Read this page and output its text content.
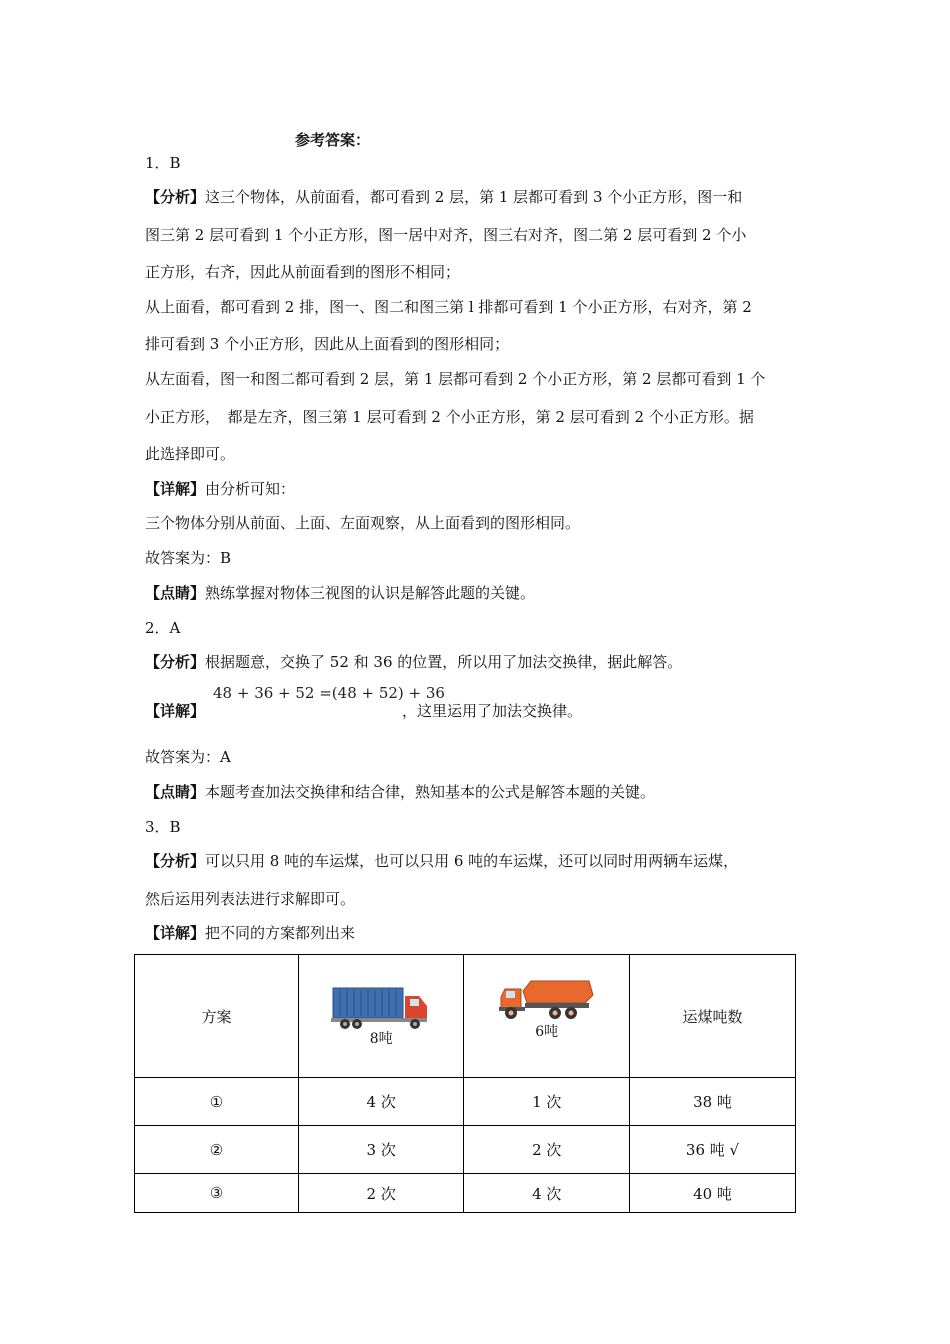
参考答案：
1．B
【分析】这三个物体，从前面看，都可看到 2 层，第 1 层都可看到 3 个小正方形，图一和
图三第 2 层可看到 1 个小正方形，图一居中对齐，图三右对齐，图二第 2 层可看到 2 个小
正方形，右齐，因此从前面看到的图形不相同；
从上面看，都可看到 2 排，图一、图二和图三第 l 排都可看到 1 个小正方形，右对齐，第 2
排可看到 3 个小正方形，因此从上面看到的图形相同；
从左面看，图一和图二都可看到 2 层，第 1 层都可看到 2 个小正方形，第 2 层都可看到 1 个
小正方形，　都是左齐，图三第 1 层可看到 2 个小正方形，第 2 层可看到 2 个小正方形。据
此选择即可。
【详解】由分析可知：
三个物体分别从前面、上面、左面观察，从上面看到的图形相同。
故答案为：B
【点睛】熟练掌握对物体三视图的认识是解答此题的关键。
2．A
【分析】根据题意，交换了 52 和 36 的位置，所以用了加法交换律，据此解答。
【详解】
48 + 36 + 52 =(48 + 52) + 36
，这里运用了加法交换律。
故答案为：A
【点睛】本题考查加法交换律和结合律，熟知基本的公式是解答本题的关键。
3．B
【分析】可以只用 8 吨的车运煤，也可以只用 6 吨的车运煤，还可以同时用两辆车运煤，
然后运用列表法进行求解即可。
【详解】把不同的方案都列出来
方案	8吨	6吨	运煤吨数
①	4 次	1 次	38 吨
②	3 次	2 次	36 吨 √
③	2 次	4 次	40 吨
